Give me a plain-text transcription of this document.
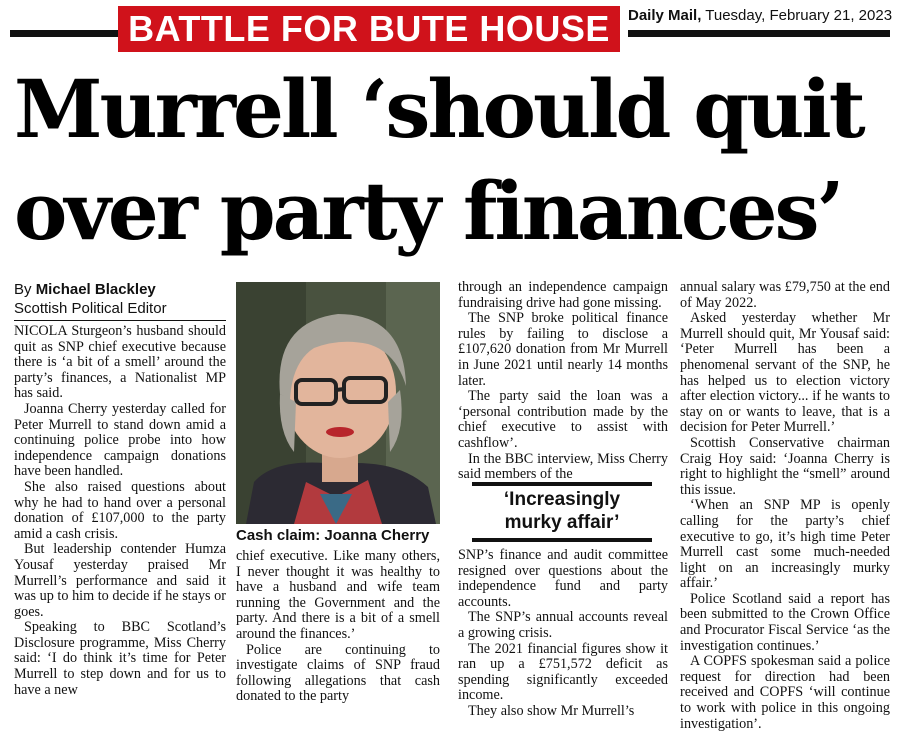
BATTLE FOR BUTE HOUSE	Daily Mail, Tuesday, February 21, 2023
Murrell ‘should quit
over party finances’
By Michael Blackley
Scottish Political Editor

NICOLA Sturgeon’s husband should quit as SNP chief executive because there is ‘a bit of a smell’ around the party’s finances, a Nationalist MP has said.

Joanna Cherry yesterday called for Peter Murrell to stand down amid a continuing police probe into how independence campaign donations have been handled.

She also raised questions about why he had to hand over a personal donation of £107,000 to the party amid a cash crisis.

But leadership contender Humza Yousaf yesterday praised Mr Murrell’s performance and said it was up to him to decide if he stays or goes.

Speaking to BBC Scotland’s Disclosure programme, Miss Cherry said: ‘I do think it’s time for Peter Murrell to step down and for us to have a new

Cash claim: Joanna Cherry

chief executive. Like many others, I never thought it was healthy to have a husband and wife team running the Government and the party. And there is a bit of a smell around the finances.’

Police are continuing to investigate claims of SNP fraud following allegations that cash donated to the party

through an independence campaign fundraising drive had gone missing.

The SNP broke political finance rules by failing to disclose a £107,620 donation from Mr Murrell in June 2021 until nearly 14 months later.

The party said the loan was a ‘personal contribution made by the chief executive to assist with cashflow’.

In the BBC interview, Miss Cherry said members of the

‘Increasingly
murky affair’

SNP’s finance and audit committee resigned over questions about the independence fund and party accounts.

The SNP’s annual accounts reveal a growing crisis.

The 2021 financial figures show it ran up a £751,572 deficit as spending significantly exceeded income.

They also show Mr Murrell’s

annual salary was £79,750 at the end of May 2022.

Asked yesterday whether Mr Murrell should quit, Mr Yousaf said: ‘Peter Murrell has been a phenomenal servant of the SNP, he has helped us to election victory after election victory... if he wants to stay on or wants to leave, that is a decision for Peter Murrell.’

Scottish Conservative chairman Craig Hoy said: ‘Joanna Cherry is right to highlight the “smell” around this issue.

‘When an SNP MP is openly calling for the party’s chief executive to go, it’s high time Peter Murrell cast some much-needed light on an increasingly murky affair.’

Police Scotland said a report has been submitted to the Crown Office and Procurator Fiscal Service ‘as the investigation continues.’

A COPFS spokesman said a police request for direction had been received and COPFS ‘will continue to work with police in this ongoing investigation’.
